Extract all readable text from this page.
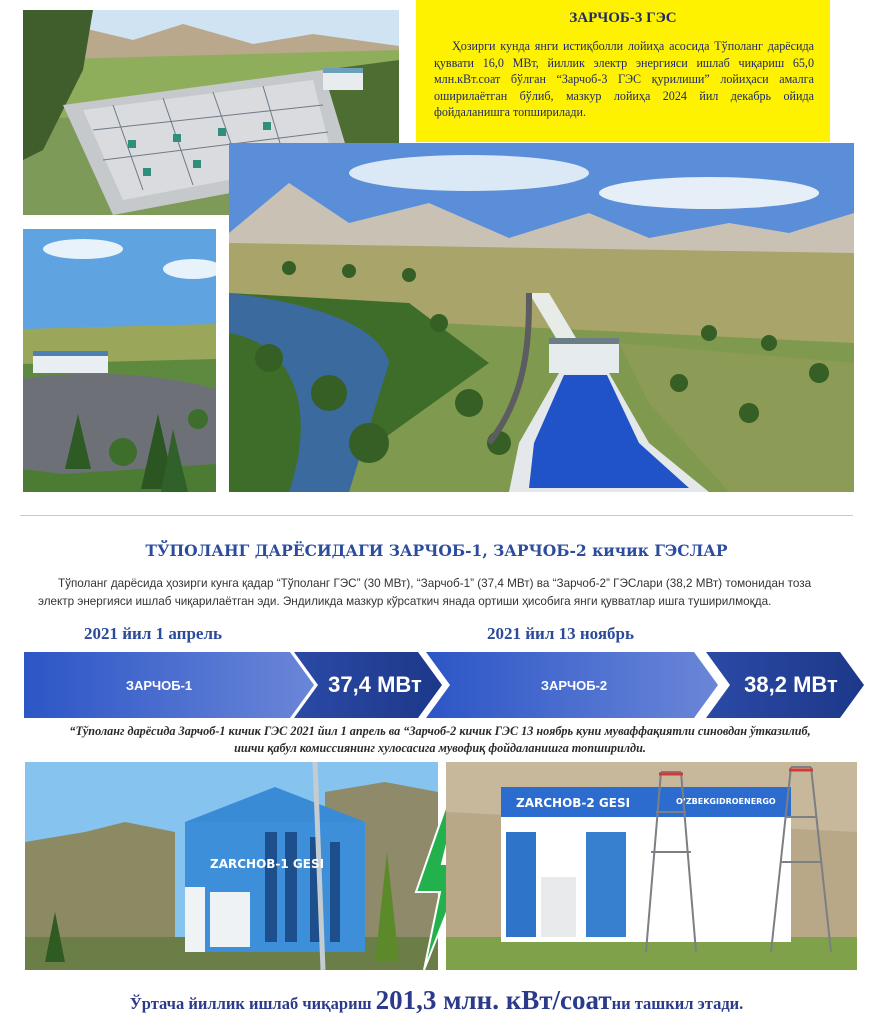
ЗАРЧОБ-3 ГЭС
Ҳозирги кунда янги истиқболли лойиҳа асосида Тўполанг дарёсида қуввати 16,0 МВт, йиллик электр энергияси ишлаб чиқариш 65,0 млн.кВт.соат бўлган “Зарчоб-3 ГЭС қурилиши” лойиҳаси амалга оширилаётган бўлиб, мазкур лойиҳа 2024 йил декабрь ойида фойдаланишга топширилади.
ТЎПОЛАНГ ДАРЁСИДАГИ ЗАРЧОБ-1, ЗАРЧОБ-2 кичик ГЭСЛАР
Тўполанг дарёсида ҳозирги кунга қадар “Тўполанг ГЭС” (30 МВт), “Зарчоб-1” (37,4 МВт) ва “Зарчоб-2” ГЭСлари (38,2 МВт) томонидан тоза электр энергияси ишлаб чиқарилаётган эди. Эндиликда мазкур кўрсаткич янада ортиши ҳисобига янги қувватлар ишга туширилмоқда.
2021 йил 1 апрель	2021 йил 13 ноябрь
ЗАРЧОБ-1	37,4 МВт	ЗАРЧОБ-2	38,2 МВт
“Тўполанг дарёсида Зарчоб-1 кичик ГЭС 2021 йил 1 апрель ва “Зарчоб-2 кичик ГЭС 13 ноябрь куни муваффақиятли синовдан ўтказилиб, ишчи қабул комиссиянинг хулосасига мувофиқ фойдаланишга топширилди.
ZARCHOB-1 GESI
ZARCHOB-2 GESI	O‘ZBEKGIDROENERGO
Ўртача йиллик ишлаб чиқариш 201,3 млн. кВт/соатни ташкил этади.
